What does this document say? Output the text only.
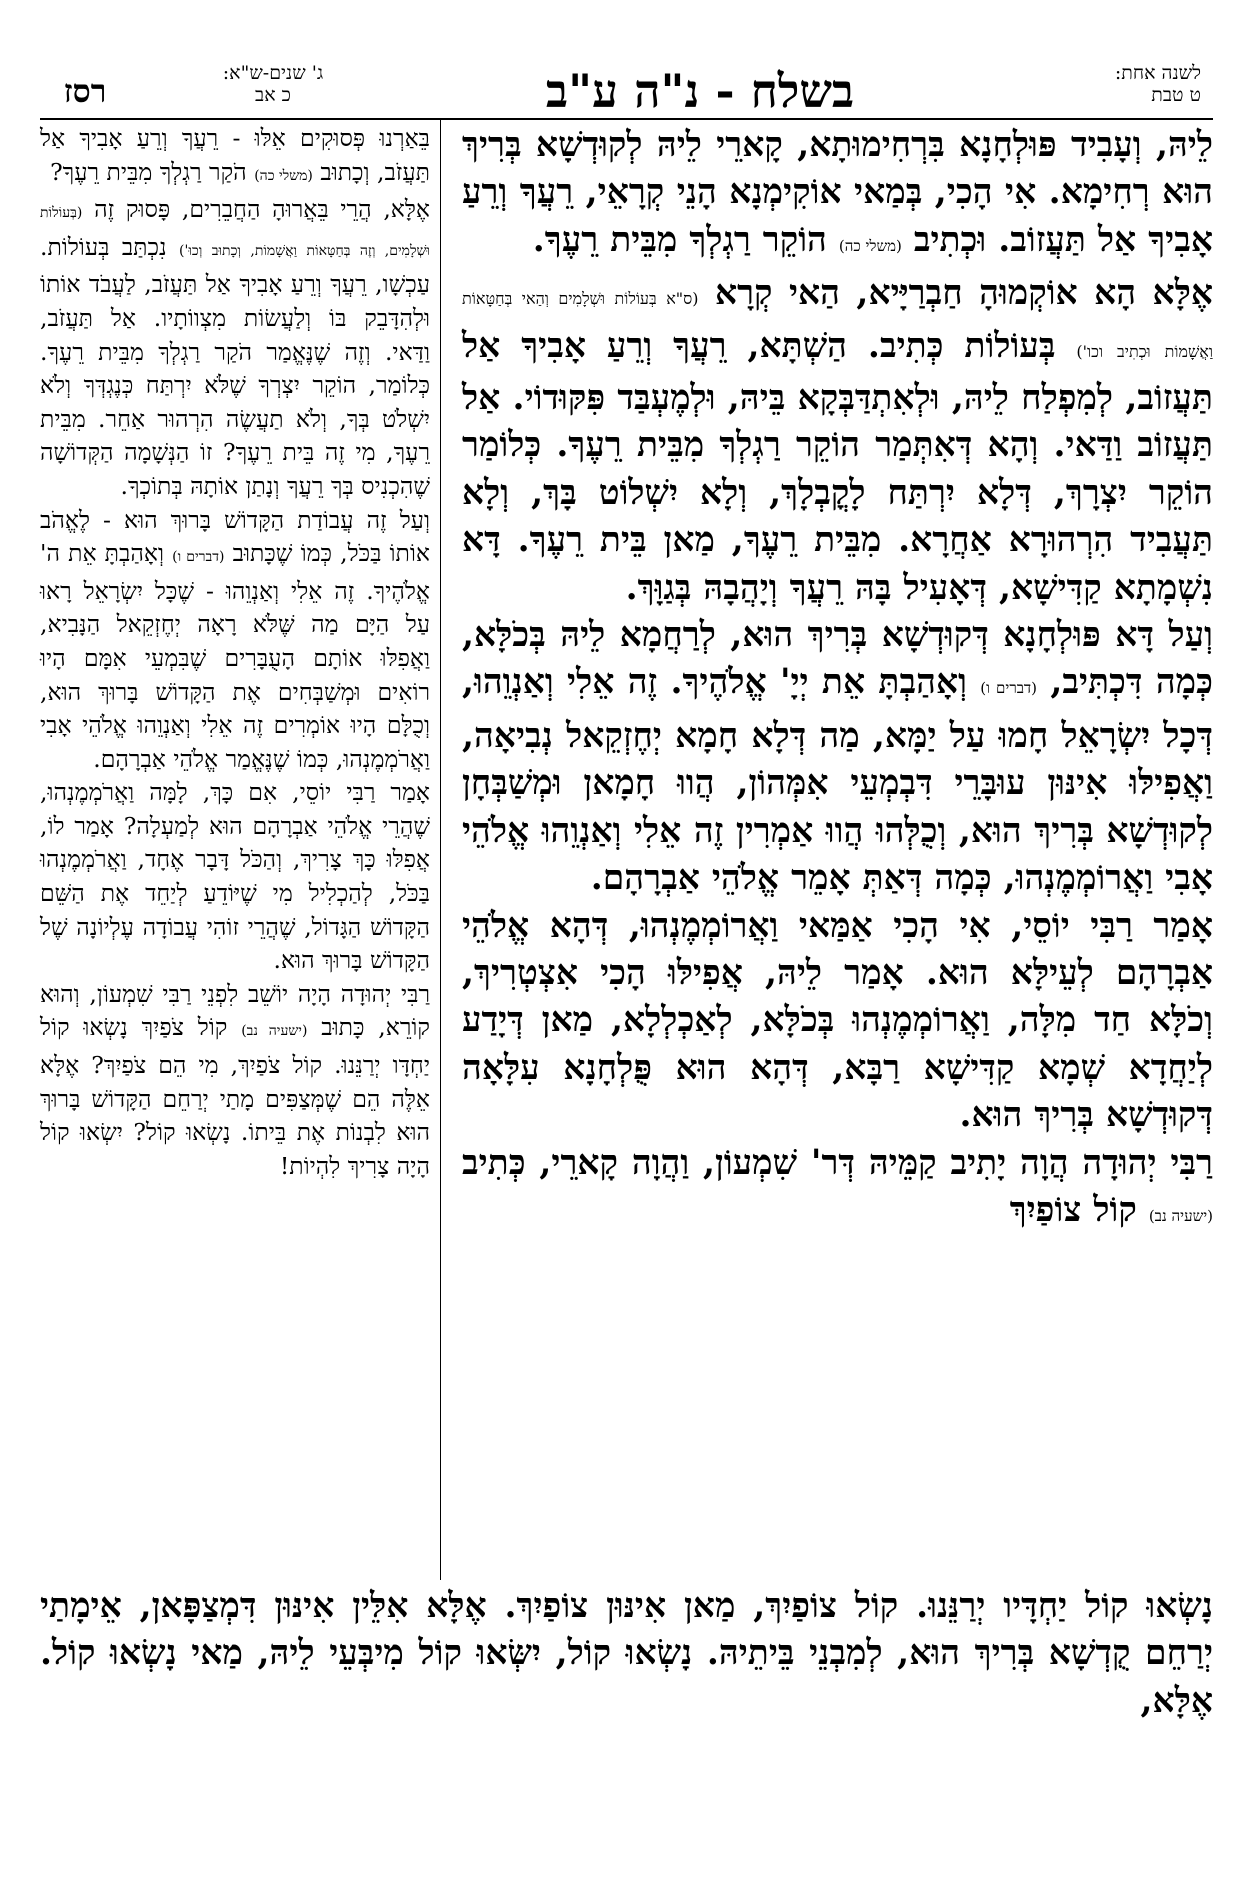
לשנה אחת:
ט טבת
בשלח - נ"ה ע"ב
ג' שנים-ש"א:
כ אב
רסז

לֵיהּ, וְעָבִיד פּוּלְחָנָא בִּרְחִימוּתָא, קָארֵי לֵיהּ לְקוּדְשָׁא בְּרִיךְ הוּא רְחִימָא. אִי הָכִי, בְּמַאי אוֹקִימְנָא הָנֵי קְרָאֵי, רֵעֲךָ וְרֵעַ אָבִיךָ אַל תַּעֲזוֹב. וּכְתִיב (משלי כה) הוֹקֵר רַגְלְךָ מִבֵּית רֵעֶךָ.

אֶלָּא הָא אוֹקְמוּהָ חַבְרַיָּיא, הַאי קְרָא (ס"א בְּעוֹלוֹת וּשְׁלָמִים וְהַאי בְּחַטָּאוֹת וַאֲשָׁמוֹת וּכְתִיב וכו') בְּעוֹלוֹת כְּתִיב. הַשְׁתָּא, רֵעֲךָ וְרֵעַ אָבִיךָ אַל תַּעֲזוֹב, לְמִפְלַח לֵיהּ, וּלְאִתְדַּבְּקָא בֵּיהּ, וּלְמֶעְבַּד פִּקּוּדוֹי. אַל תַּעֲזוֹב וַדַּאי. וְהָא דְּאִתְּמַר הוֹקֵר רַגְלְךָ מִבֵּית רֵעֶךָ. כְּלוֹמַר הוֹקֵר יִצְרָךְ, דְּלָא יִרְתַּח לָקֳבְלָךְ, וְלָא יִשְׁלוֹט בָּךְ, וְלָא תַּעֲבִיד הִרְהוּרָא אַחֲרָא. מִבֵּית רֵעֶךָ, מַאן בֵּית רֵעֶךָ. דָּא נִשְׁמָתָא קַדִּישָׁא, דְּאָעִיל בָּהּ רֵעֲךָ וְיָהֲבָהּ בְּגַוָּךְ.

וְעַל דָּא פּוּלְחָנָא דְּקוּדְשָׁא בְּרִיךְ הוּא, לְרַחֲמָא לֵיהּ בְּכֹלָּא, כְּמָה דִּכְתִּיב, (דברים ו) וְאָהַבְתָּ אֵת יְיָ' אֱלֹהֶיךָ. זֶה אֵלִי וְאַנְוֵהוּ, דְּכָל יִשְׂרָאֵל חָמוּ עַל יַמָּא, מַה דְּלָא חָמָא יְחֶזְקֵאל נְבִיאָה, וַאֲפִילּוּ אִינּוּן עוּבָּרֵי דִּבְמְעֵי אִמְּהוֹן, הֲווּ חָמָאן וּמְשַׁבְּחָן לְקוּדְשָׁא בְּרִיךְ הוּא, וְכֻלְּהוּ הֲווּ אַמְרִין זֶה אֵלִי וְאַנְוֵהוּ אֱלֹהֵי אָבִי וַאֲרוֹמְמֶנְהוּ, כְּמָה דְּאַתְּ אָמֵר אֱלֹהֵי אַבְרָהָם.

אָמַר רַבִּי יוֹסֵי, אִי הָכִי אַמַּאי וַאֲרוֹמְמֶנְהוּ, דְּהָא אֱלֹהֵי אַבְרָהָם לְעֵילָּא הוּא. אָמַר לֵיהּ, אֲפִילּוּ הָכִי אִצְטְרִיךְ, וְכֹלָּא חַד מִלָּה, וַאֲרוֹמְמֶנְהוּ בְּכֹלָּא, לְאַכְלְלָא, מַאן דְּיָדַע לְיַחֲדָא שְׁמָא קַדִּישָׁא רַבָּא, דְּהָא הוּא פֻּלְחָנָא עִלָּאָה דְּקוּדְשָׁא בְּרִיךְ הוּא.

רַבִּי יְהוּדָה הֲוָה יָתִיב קַמֵּיהּ דְּר' שִׁמְעוֹן, וַהֲוָה קָארֵי, כְּתִיב (ישעיה נב) קוֹל צוֹפַיִךְ

בֵּאַרְנוּ פְּסוּקִים אֵלּוּ - רֵעֲךָ וְרֵעַ אָבִיךָ אַל תַּעֲזֹב, וְכָתוּב (משלי כה) הֹקַר רַגְלְךָ מִבֵּית רֵעֶךָ?

אֶלָּא, הֲרֵי בֵּאֲרוּהָ הַחֲבֵרִים, פָּסוּק זֶה (בְּעוֹלוֹת וּשְׁלָמִים, וְזֶה בְּחַטָּאוֹת וַאֲשָׁמוֹת, וְכָתוּב וְכוּ') נִכְתַּב בְּעוֹלוֹת. עַכְשָׁו, רֵעֲךָ וְרֵעַ אָבִיךָ אַל תַּעֲזֹב, לַעֲבֹד אוֹתוֹ וּלְהִדָּבֵק בּוֹ וְלַעֲשׂוֹת מִצְווֹתָיו. אַל תַּעֲזֹב, וַדַּאי. וְזֶה שֶׁנֶּאֱמַר הֹקַר רַגְלְךָ מִבֵּית רֵעֶךָ. כְּלוֹמַר, הוֹקֵר יִצְרְךָ שֶׁלֹּא יִרְתַּח כְּנֶגְדְּךָ וְלֹא יִשְׁלֹט בְּךָ, וְלֹא תַעֲשֶׂה הִרְהוּר אַחֵר. מִבֵּית רֵעֶךָ, מִי זֶה בֵּית רֵעֶךָ? זוֹ הַנְּשָׁמָה הַקְּדוֹשָׁה שֶׁהִכְנִיס בְּךָ רֵעֲךָ וְנָתַן אוֹתָהּ בְּתוֹכְךָ.

וְעַל זֶה עֲבוֹדַת הַקָּדוֹשׁ בָּרוּךְ הוּא - לֶאֱהֹב אוֹתוֹ בַּכֹּל, כְּמוֹ שֶׁכָּתוּב (דברים ו) וְאָהַבְתָּ אֵת ה' אֱלֹהֶיךָ. זֶה אֵלִי וְאַנְוֵהוּ - שֶׁכָּל יִשְׂרָאֵל רָאוּ עַל הַיָּם מַה שֶּׁלֹּא רָאָה יְחֶזְקֵאל הַנָּבִיא, וַאֲפִלּוּ אוֹתָם הָעֻבָּרִים שֶׁבִּמְעֵי אִמָּם הָיוּ רוֹאִים וּמְשַׁבְּחִים אֶת הַקָּדוֹשׁ בָּרוּךְ הוּא, וְכֻלָּם הָיוּ אוֹמְרִים זֶה אֵלִי וְאַנְוֵהוּ אֱלֹהֵי אָבִי וַאֲרֹמְמֶנְהוּ, כְּמוֹ שֶׁנֶּאֱמַר אֱלֹהֵי אַבְרָהָם.

אָמַר רַבִּי יוֹסֵי, אִם כָּךְ, לָמָּה וַאֲרֹמְמֶנְהוּ, שֶׁהֲרֵי אֱלֹהֵי אַבְרָהָם הוּא לְמַעְלָה? אָמַר לוֹ, אֲפִלּוּ כָּךְ צָרִיךְ, וְהַכֹּל דָּבָר אֶחָד, וַאֲרֹמְמֶנְהוּ בַּכֹּל, לְהַכְלִיל מִי שֶׁיּוֹדֵעַ לְיַחֵד אֶת הַשֵּׁם הַקָּדוֹשׁ הַגָּדוֹל, שֶׁהֲרֵי זוֹהִי עֲבוֹדָה עֶלְיוֹנָה שֶׁל הַקָּדוֹשׁ בָּרוּךְ הוּא.

רַבִּי יְהוּדָה הָיָה יוֹשֵׁב לִפְנֵי רַבִּי שִׁמְעוֹן, וְהוּא קוֹרֵא, כָּתוּב (ישעיה נב) קוֹל צֹפַיִךְ נָשְׂאוּ קוֹל יַחְדָּו יְרַנֵּנוּ. קוֹל צֹפַיִךְ, מִי הֵם צֹפַיִךְ? אֶלָּא אֵלֶּה הֵם שֶׁמְּצַפִּים מָתַי יְרַחֵם הַקָּדוֹשׁ בָּרוּךְ הוּא לִבְנוֹת אֶת בֵּיתוֹ. נָשְׂאוּ קוֹל? יִשְׂאוּ קוֹל הָיָה צָרִיךְ לִהְיוֹת!

נָשְׂאוּ קוֹל יַחְדָּיו יְרַנֵּנוּ. קוֹל צוֹפַיִךְ, מַאן אִינּוּן צוֹפַיִךְ. אֶלָּא אִלֵּין אִינּוּן דִּמְצַפָּאן, אֵימָתַי יְרַחֵם קֻדְשָׁא בְּרִיךְ הוּא, לְמִבְנֵי בֵּיתֵיהּ. נָשְׂאוּ קוֹל, יִשְּׂאוּ קוֹל מִיבְּעֵי לֵיהּ, מַאי נָשְׂאוּ קוֹל. אֶלָּא,
